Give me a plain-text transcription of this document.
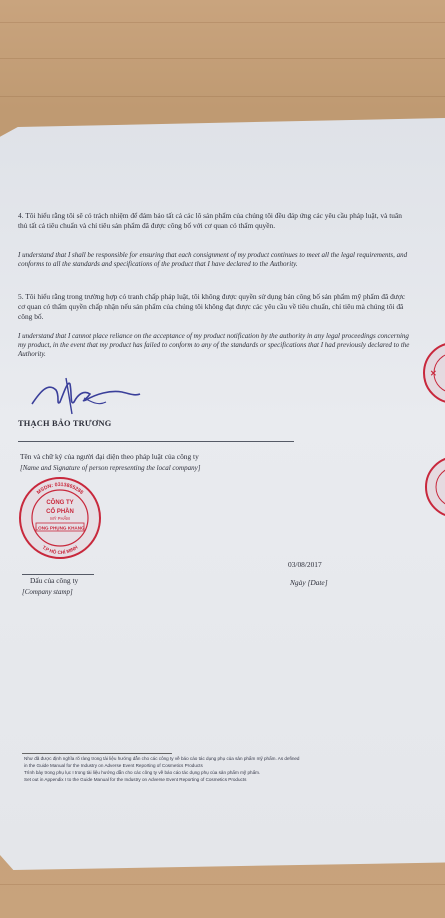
4. Tôi hiểu rằng tôi sẽ có trách nhiệm để đảm bảo tất cả các lô sản phẩm của chúng tôi đều đáp ứng các yêu cầu pháp luật, và tuân thủ tất cả tiêu chuẩn và chỉ tiêu sản phẩm đã được công bố với cơ quan có thẩm quyền.
I understand that I shall be responsible for ensuring that each consignment of my product continues to meet all the legal requirements, and conforms to all the standards and specifications of the product that I have declared to the Authority.
5. Tôi hiểu rằng trong trường hợp có tranh chấp pháp luật, tôi không được quyền sử dụng bản công bố sản phẩm mỹ phẩm đã được cơ quan có thẩm quyền chấp nhận nếu sản phẩm của chúng tôi không đạt được các yêu cầu về tiêu chuẩn, chỉ tiêu mà chúng tôi đã công bố.
I understand that I cannot place reliance on the acceptance of my product notification by the authority in any legal proceedings concerning my product, in the event that my product has failed to conform to any of the standards or specifications that I had previously declared to the Authority.
THẠCH BẢO TRƯƠNG
Tên và chữ ký của người đại diện theo pháp luật của công ty
[Name and Signature of person representing the local company]
MSDN: 0313865288
T.P HỒ CHÍ MINH
CÔNG TY
CỔ PHẦN
MỸ PHẨM
LONG PHỤNG KHANG
03/08/2017
Dấu của công ty
[Company stamp]
Ngày [Date]
✕
Như đã được định nghĩa rõ ràng trong tài liệu hướng dẫn cho các công ty về báo cáo tác dụng phụ của sản phẩm mỹ phẩm. As defined
in the Guide Manual for the Industry on Adverse Event Reporting of Cosmetics Products
Trình bày trong phụ lục I trong tài liệu hướng dẫn cho các công ty về báo cáo tác dụng phụ của sản phẩm mỹ phẩm.
Set out in Appendix I to the Guide Manual for the Industry on Adverse Event Reporting of Cosmetics Products
